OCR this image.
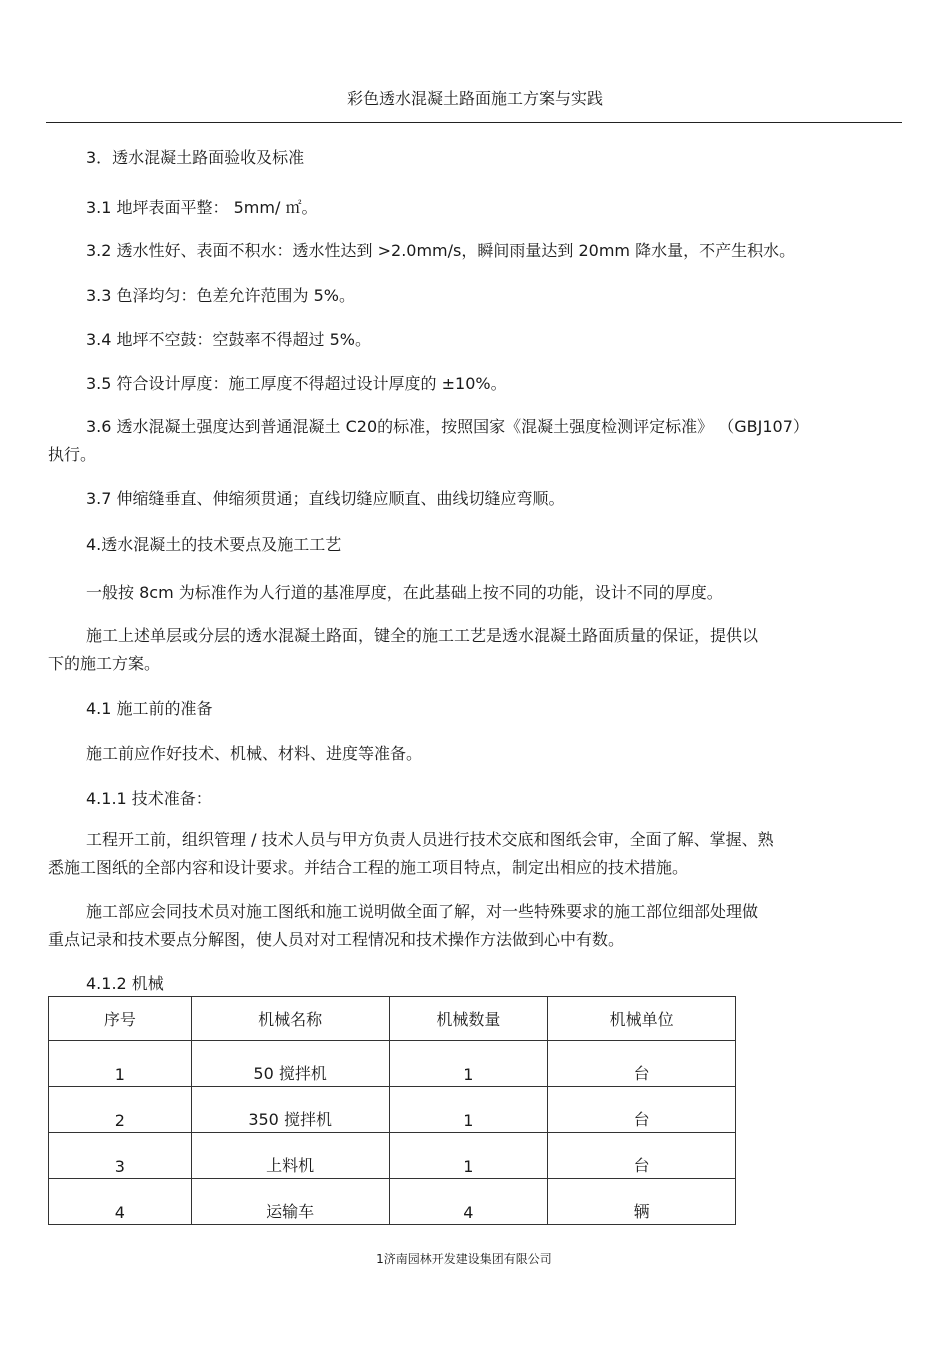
彩色透水混凝土路面施工方案与实践
3．透水混凝土路面验收及标准
3.1 地坪表面平整： 5mm/ ㎡。
3.2 透水性好、表面不积水：透水性达到 >2.0mm/s，瞬间雨量达到 20mm 降水量，不产生积水。
3.3 色泽均匀：色差允许范围为 5%。
3.4 地坪不空鼓：空鼓率不得超过 5%。
3.5 符合设计厚度：施工厚度不得超过设计厚度的 ±10%。
3.6 透水混凝土强度达到普通混凝土 C20的标准，按照国家《混凝土强度检测评定标准》 （GBJ107）
执行。
3.7 伸缩缝垂直、伸缩须贯通；直线切缝应顺直、曲线切缝应弯顺。
4.透水混凝土的技术要点及施工工艺
一般按 8cm 为标准作为人行道的基准厚度，在此基础上按不同的功能，设计不同的厚度。
施工上述单层或分层的透水混凝土路面，键全的施工工艺是透水混凝土路面质量的保证，提供以
下的施工方案。
4.1 施工前的准备
施工前应作好技术、机械、材料、进度等准备。
4.1.1 技术准备：
工程开工前，组织管理 / 技术人员与甲方负责人员进行技术交底和图纸会审，全面了解、掌握、熟
悉施工图纸的全部内容和设计要求。并结合工程的施工项目特点，制定出相应的技术措施。
施工部应会同技术员对施工图纸和施工说明做全面了解，对一些特殊要求的施工部位细部处理做
重点记录和技术要点分解图，使人员对对工程情况和技术操作方法做到心中有数。
4.1.2 机械
序号	机械名称	机械数量	机械单位
1	50 搅拌机	1	台
2	350 搅拌机	1	台
3	上料机	1	台
4	运输车	4	辆
1济南园林开发建设集团有限公司
